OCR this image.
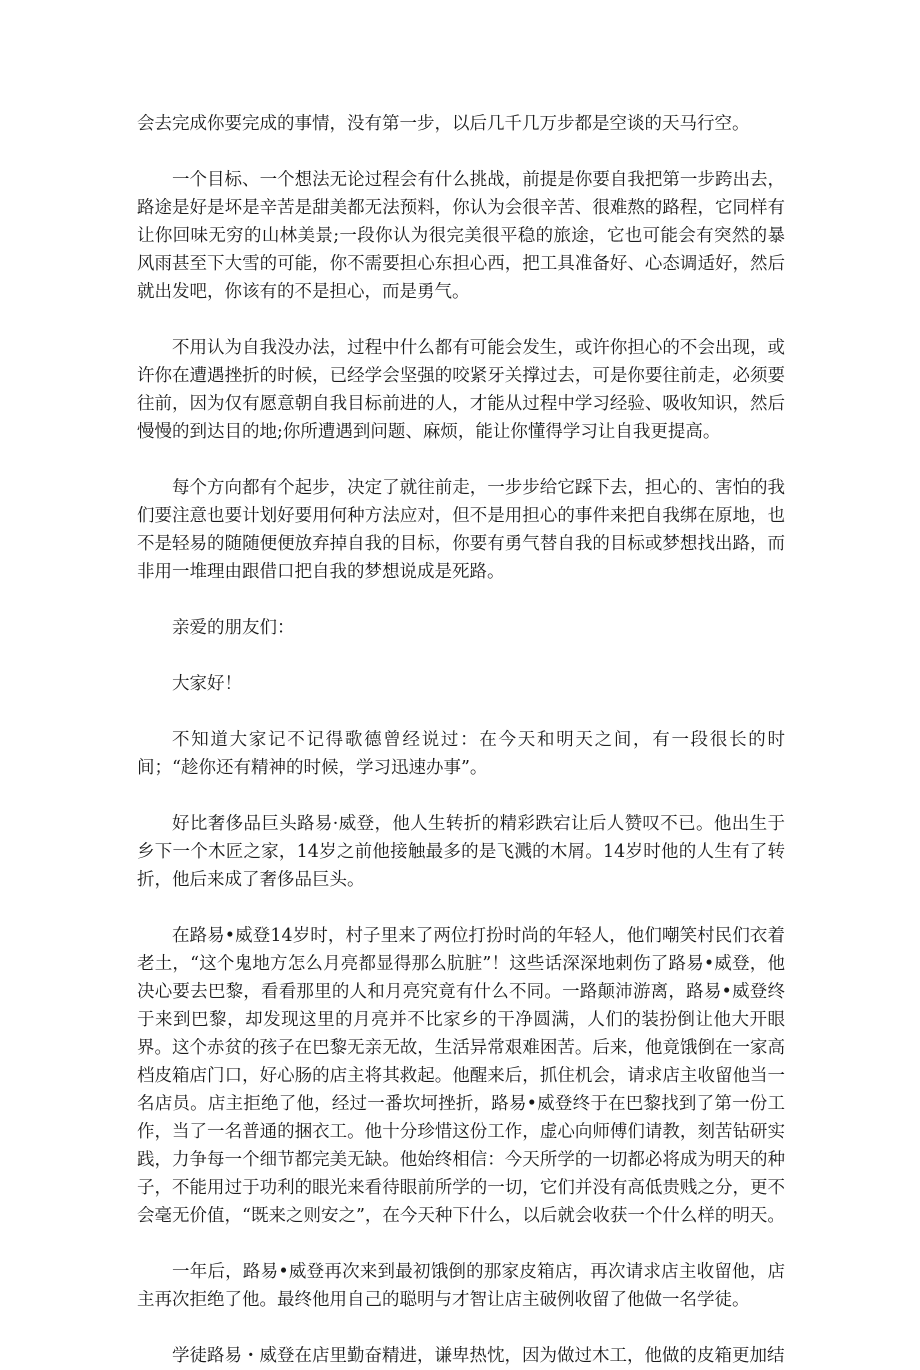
会去完成你要完成的事情，没有第一步，以后几千几万步都是空谈的天马行空。

一个目标、一个想法无论过程会有什么挑战，前提是你要自我把第一步跨出去，路途是好是坏是辛苦是甜美都无法预料，你认为会很辛苦、很难熬的路程，它同样有让你回味无穷的山林美景;一段你认为很完美很平稳的旅途，它也可能会有突然的暴风雨甚至下大雪的可能，你不需要担心东担心西，把工具准备好、心态调适好，然后就出发吧，你该有的不是担心，而是勇气。

不用认为自我没办法，过程中什么都有可能会发生，或许你担心的不会出现，或许你在遭遇挫折的时候，已经学会坚强的咬紧牙关撑过去，可是你要往前走，必须要往前，因为仅有愿意朝自我目标前进的人，才能从过程中学习经验、吸收知识，然后慢慢的到达目的地;你所遭遇到问题、麻烦，能让你懂得学习让自我更提高。

每个方向都有个起步，决定了就往前走，一步步给它踩下去，担心的、害怕的我们要注意也要计划好要用何种方法应对，但不是用担心的事件来把自我绑在原地，也不是轻易的随随便便放弃掉自我的目标，你要有勇气替自我的目标或梦想找出路，而非用一堆理由跟借口把自我的梦想说成是死路。

亲爱的朋友们：

大家好！

不知道大家记不记得歌德曾经说过：在今天和明天之间，有一段很长的时间；“趁你还有精神的时候，学习迅速办事”。

好比奢侈品巨头路易·威登，他人生转折的精彩跌宕让后人赞叹不已。他出生于乡下一个木匠之家，14岁之前他接触最多的是飞溅的木屑。14岁时他的人生有了转折，他后来成了奢侈品巨头。

在路易•威登14岁时，村子里来了两位打扮时尚的年轻人，他们嘲笑村民们衣着老土，“这个鬼地方怎么月亮都显得那么肮脏”！这些话深深地刺伤了路易•威登，他决心要去巴黎，看看那里的人和月亮究竟有什么不同。一路颠沛游离，路易•威登终于来到巴黎，却发现这里的月亮并不比家乡的干净圆满，人们的装扮倒让他大开眼界。这个赤贫的孩子在巴黎无亲无故，生活异常艰难困苦。后来，他竟饿倒在一家高档皮箱店门口，好心肠的店主将其救起。他醒来后，抓住机会，请求店主收留他当一名店员。店主拒绝了他，经过一番坎坷挫折，路易•威登终于在巴黎找到了第一份工作，当了一名普通的捆衣工。他十分珍惜这份工作，虚心向师傅们请教，刻苦钻研实践，力争每一个细节都完美无缺。他始终相信：今天所学的一切都必将成为明天的种子，不能用过于功利的眼光来看待眼前所学的一切，它们并没有高低贵贱之分，更不会毫无价值，“既来之则安之”，在今天种下什么，以后就会收获一个什么样的明天。

一年后，路易•威登再次来到最初饿倒的那家皮箱店，再次请求店主收留他，店主再次拒绝了他。最终他用自己的聪明与才智让店主破例收留了他做一名学徒。

学徒路易・威登在店里勤奋精进，谦卑热忱，因为做过木工，他做的皮箱更加结
